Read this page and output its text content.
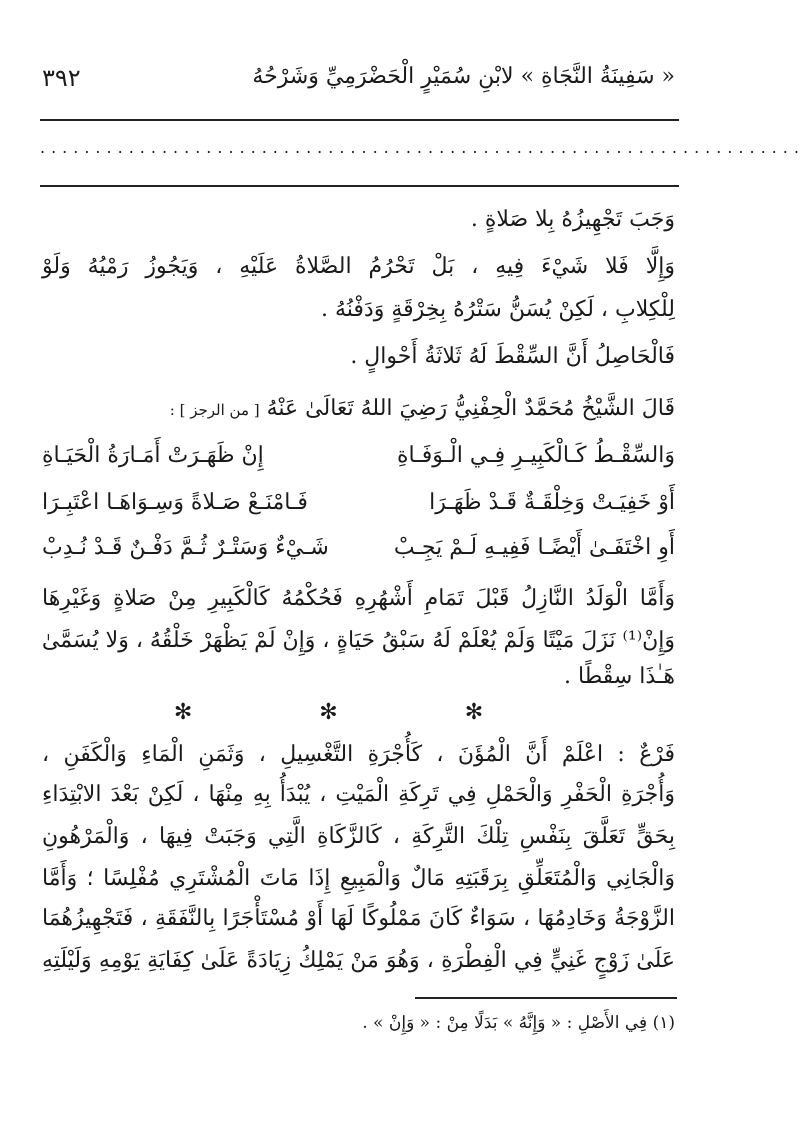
« سَفِينَةُ النَّجَاةِ » لابْنِ سُمَيْرٍ الْحَضْرَمِيِّ وَشَرْحُهُ
٣٩٢
.....................................................................
وَجَبَ تَجْهِيزُهُ بِلا صَلاةٍ .
وَإِلَّا فَلا شَيْءَ فِيهِ ، بَلْ تَحْرُمُ الصَّلاةُ عَلَيْهِ ، وَيَجُوزُ رَمْيُهُ وَلَوْ
لِلْكِلابِ ، لَكِنْ يُسَنُّ سَتْرُهُ بِخِرْقَةٍ وَدَفْنُهُ .
فَالْحَاصِلُ أَنَّ السِّقْطَ لَهُ ثَلاثَةُ أَحْوالٍ .
قَالَ الشَّيْخُ مُحَمَّدٌ الْحِفْنِيُّ رَضِيَ اللهُ تَعَالَىٰ عَنْهُ [ من الرجز ] :
وَالسِّقْـطُ كَـالْكَبِيـرِ فِـي الْـوَفَـاةِ
إِنْ ظَهَـرَتْ أَمَـارَةُ الْحَيَـاةِ
أَوْ خَفِيَـتْ وَخِلْقَـةٌ قَـدْ ظَهَـرَا
فَـامْنَـعْ صَـلاةً وَسِـوَاهَـا اعْتَبِـرَا
أَوِ اخْتَفَـىٰ أَيْضًـا فَفِيـهِ لَـمْ يَجِـبْ
شَـيْءٌ وَسَتْـرٌ ثُـمَّ دَفْـنٌ قَـدْ نُـدِبْ
وَأَمَّا الْوَلَدُ النَّازِلُ قَبْلَ تَمَامِ أَشْهُرِهِ فَحُكْمُهُ كَالْكَبِيرِ مِنْ صَلاةٍ وَغَيْرِهَا
وَإِنْ⁽¹⁾ نَزَلَ مَيْتًا وَلَمْ يُعْلَمْ لَهُ سَبْقُ حَيَاةٍ ، وَإِنْ لَمْ يَظْهَرْ خَلْقُهُ ، وَلا يُسَمَّىٰ
هَـٰذَا سِقْطًا .
✻ ✻ ✻
فَرْعٌ : اعْلَمْ أَنَّ الْمُؤَنَ ، كَأُجْرَةِ التَّغْسِيلِ ، وَثَمَنِ الْمَاءِ وَالْكَفَنِ ،
وَأُجْرَةِ الْحَفْرِ وَالْحَمْلِ فِي تَرِكَةِ الْمَيْتِ ، يُبْدَأُ بِهِ مِنْهَا ، لَكِنْ بَعْدَ الابْتِدَاءِ
بِحَقٍّ تَعَلَّقَ بِنَفْسِ تِلْكَ التَّرِكَةِ ، كَالزَّكَاةِ الَّتِي وَجَبَتْ فِيهَا ، وَالْمَرْهُونِ
وَالْجَانِي وَالْمُتَعَلِّقِ بِرَقَبَتِهِ مَالٌ وَالْمَبِيعِ إِذَا مَاتَ الْمُشْتَرِي مُفْلِسًا ؛ وَأَمَّا
الزَّوْجَةُ وَخَادِمُهَا ، سَوَاءٌ كَانَ مَمْلُوكًا لَهَا أَوْ مُسْتَأْجَرًا بِالنَّفَقَةِ ، فَتَجْهِيزُهُمَا
عَلَىٰ زَوْجٍ غَنِيٍّ فِي الْفِطْرَةِ ، وَهُوَ مَنْ يَمْلِكُ زِيَادَةً عَلَىٰ كِفَايَةِ يَوْمِهِ وَلَيْلَتِهِ
(١) فِي الأَصْلِ : « وَإِنَّهُ » بَدَلًا مِنْ : « وَإِنْ » .
